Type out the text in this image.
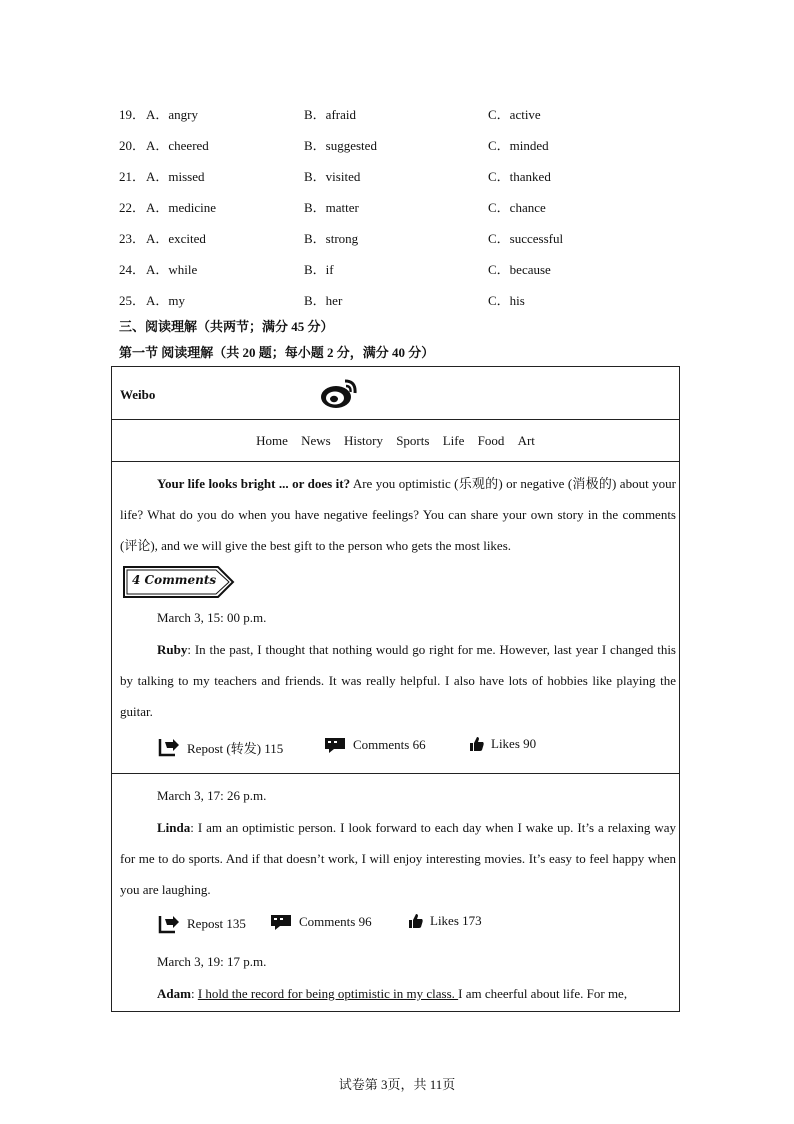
19． A．angry	B．afraid	C．active
20． A．cheered	B．suggested	C．minded
21． A．missed	B．visited	C．thanked
22． A．medicine	B．matter	C．chance
23． A．excited	B．strong	C．successful
24． A．while	B．if	C．because
25． A．my	B．her	C．his
三、阅读理解（共两节；满分 45 分）
第一节 阅读理解（共 20 题；每小题 2 分，满分 40 分）
Weibo
Home News History Sports Life Food Art
Your life looks bright ... or does it? Are you optimistic (乐观的) or negative (消极的) about your life? What do you do when you have negative feelings? You can share your own story in the comments (评论), and we will give the best gift to the person who gets the most likes.
4 Comments
March 3, 15: 00 p.m.
Ruby: In the past, I thought that nothing would go right for me. However, last year I changed this by talking to my teachers and friends. It was really helpful. I also have lots of hobbies like playing the guitar.
Repost (转发) 115	Comments 66	Likes 90
March 3, 17: 26 p.m.
Linda: I am an optimistic person. I look forward to each day when I wake up. It’s a relaxing way for me to do sports. And if that doesn’t work, I will enjoy interesting movies. It’s easy to feel happy when you are laughing.
Repost 135	Comments 96	Likes 173
March 3, 19: 17 p.m.
Adam: I hold the record for being optimistic in my class. I am cheerful about life. For me,
试卷第 3页，共 11页
